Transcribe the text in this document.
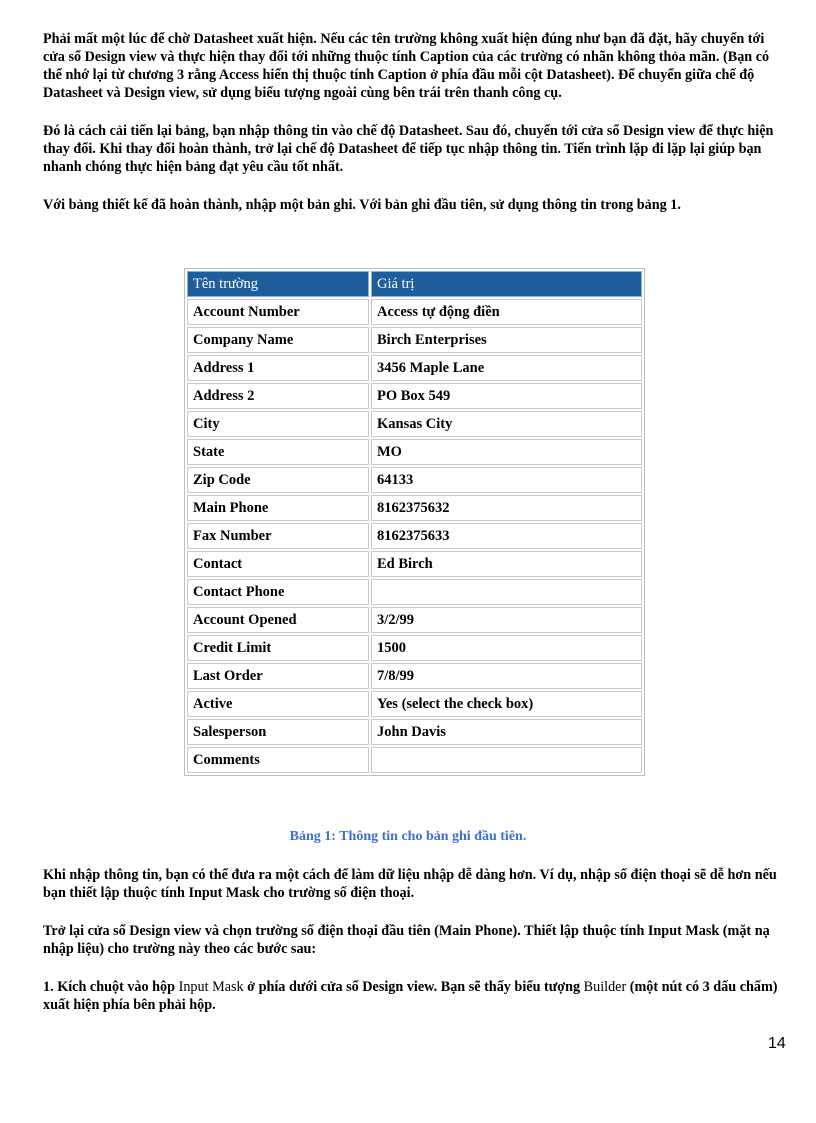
Phải mất một lúc để chờ Datasheet xuất hiện. Nếu các tên trường không xuất hiện đúng như bạn đã đặt, hãy chuyển tới cửa sổ Design view và thực hiện thay đổi tới những thuộc tính Caption của các trường có nhãn không thỏa mãn. (Bạn có thể nhớ lại từ chương 3 rằng Access hiển thị thuộc tính Caption ở phía đầu mỗi cột Datasheet). Để chuyển giữa chế độ Datasheet và Design view, sử dụng biểu tượng ngoài cùng bên trái trên thanh công cụ.

Đó là cách cải tiến lại bảng, bạn nhập thông tin vào chế độ Datasheet. Sau đó, chuyển tới cửa sổ Design view để thực hiện thay đổi. Khi thay đổi hoàn thành, trở lại chế độ Datasheet để tiếp tục nhập thông tin. Tiến trình lặp đi lặp lại giúp bạn nhanh chóng thực hiện bảng đạt yêu cầu tốt nhất.

Với bảng thiết kế đã hoàn thành, nhập một bản ghi. Với bản ghi đầu tiên, sử dụng thông tin trong bảng 1.

Tên trường	Giá trị
Account Number	Access tự động điền
Company Name	Birch Enterprises
Address 1	3456 Maple Lane
Address 2	PO Box 549
City	Kansas City
State	MO
Zip Code	64133
Main Phone	8162375632
Fax Number	8162375633
Contact	Ed Birch
Contact Phone	
Account Opened	3/2/99
Credit Limit	1500
Last Order	7/8/99
Active	Yes (select the check box)
Salesperson	John Davis
Comments	
Bảng 1: Thông tin cho bản ghi đầu tiên.

Khi nhập thông tin, bạn có thể đưa ra một cách để làm dữ liệu nhập dễ dàng hơn. Ví dụ, nhập số điện thoại sẽ dễ hơn nếu bạn thiết lập thuộc tính Input Mask cho trường số điện thoại.

Trở lại cửa sổ Design view và chọn trường số điện thoại đầu tiên (Main Phone). Thiết lập thuộc tính Input Mask (mặt nạ nhập liệu) cho trường này theo các bước sau:

1. Kích chuột vào hộp Input Mask ở phía dưới cửa sổ Design view. Bạn sẽ thấy biểu tượng Builder (một nút có 3 dấu chấm) xuất hiện phía bên phải hộp.

14
